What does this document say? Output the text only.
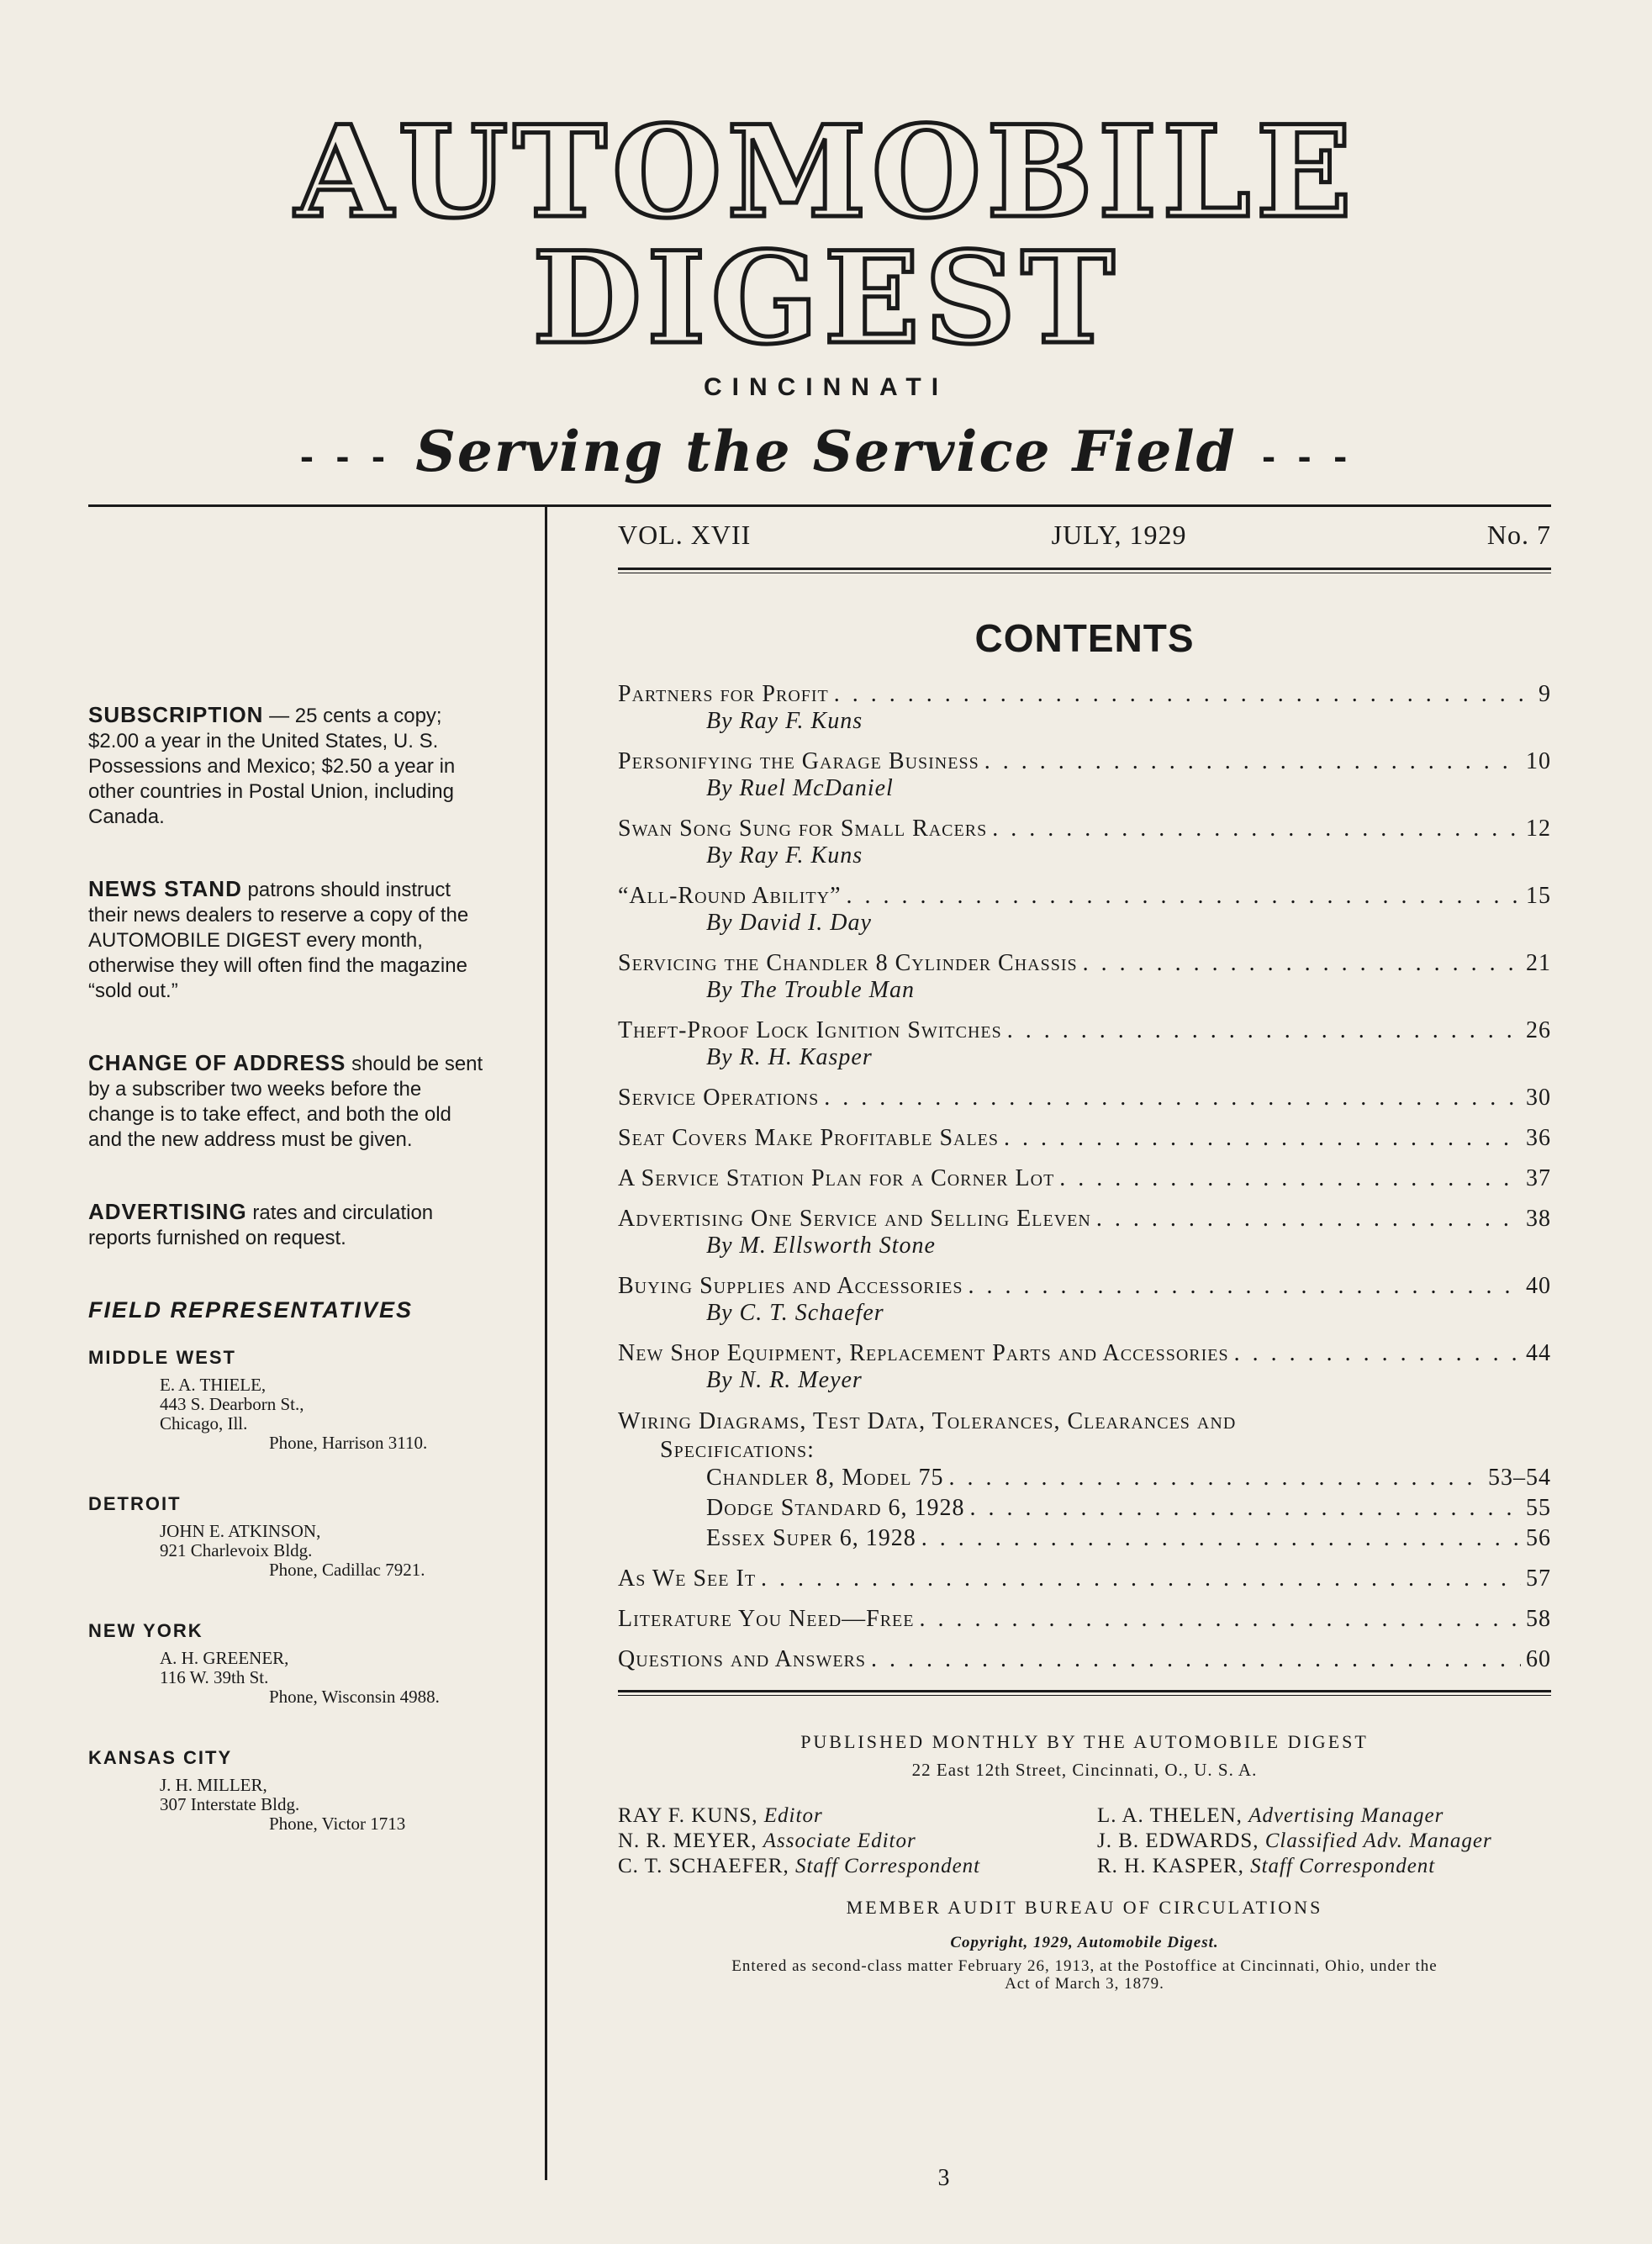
AUTOMOBILE
DIGEST
CINCINNATI
- - - Serving the Service Field - - -
SUBSCRIPTION — 25 cents a copy; $2.00 a year in the United States, U. S. Possessions and Mexico; $2.50 a year in other countries in Postal Union, including Canada.
NEWS STAND patrons should instruct their news dealers to reserve a copy of the AUTOMOBILE DIGEST every month, otherwise they will often find the magazine “sold out.”
CHANGE OF ADDRESS should be sent by a subscriber two weeks before the change is to take effect, and both the old and the new address must be given.
ADVERTISING rates and circulation reports furnished on request.
FIELD REPRESENTATIVES
MIDDLE WEST
E. A. THIELE,
443 S. Dearborn St.,
Chicago, Ill.
Phone, Harrison 3110.
DETROIT
JOHN E. ATKINSON,
921 Charlevoix Bldg.
Phone, Cadillac 7921.
NEW YORK
A. H. GREENER,
116 W. 39th St.
Phone, Wisconsin 4988.
KANSAS CITY
J. H. MILLER,
307 Interstate Bldg.
Phone, Victor 1713
VOL. XVII	JULY, 1929	No. 7
CONTENTS
Partners for Profit . . .	9
By Ray F. Kuns
Personifying the Garage Business . . .	10
By Ruel McDaniel
Swan Song Sung for Small Racers . . .	12
By Ray F. Kuns
“All-Round Ability” . . .	15
By David I. Day
Servicing the Chandler 8 Cylinder Chassis . . .	21
By The Trouble Man
Theft-Proof Lock Ignition Switches . . .	26
By R. H. Kasper
Service Operations . . .	30
Seat Covers Make Profitable Sales . . .	36
A Service Station Plan for a Corner Lot . . .	37
Advertising One Service and Selling Eleven . . .	38
By M. Ellsworth Stone
Buying Supplies and Accessories . . .	40
By C. T. Schaefer
New Shop Equipment, Replacement Parts and Accessories . . .	44
By N. R. Meyer
Wiring Diagrams, Test Data, Tolerances, Clearances and
Specifications:
Chandler 8, Model 75 . . .	53–54
Dodge Standard 6, 1928 . . .	55
Essex Super 6, 1928 . . .	56
As We See It . . .	57
Literature You Need—Free . . .	58
Questions and Answers . . .	60
PUBLISHED MONTHLY BY THE AUTOMOBILE DIGEST
22 East 12th Street, Cincinnati, O., U. S. A.
RAY F. KUNS, Editor	L. A. THELEN, Advertising Manager
N. R. MEYER, Associate Editor	J. B. EDWARDS, Classified Adv. Manager
C. T. SCHAEFER, Staff Correspondent	R. H. KASPER, Staff Correspondent
MEMBER AUDIT BUREAU OF CIRCULATIONS
Copyright, 1929, Automobile Digest.
Entered as second-class matter February 26, 1913, at the Postoffice at Cincinnati, Ohio, under the
Act of March 3, 1879.
3
